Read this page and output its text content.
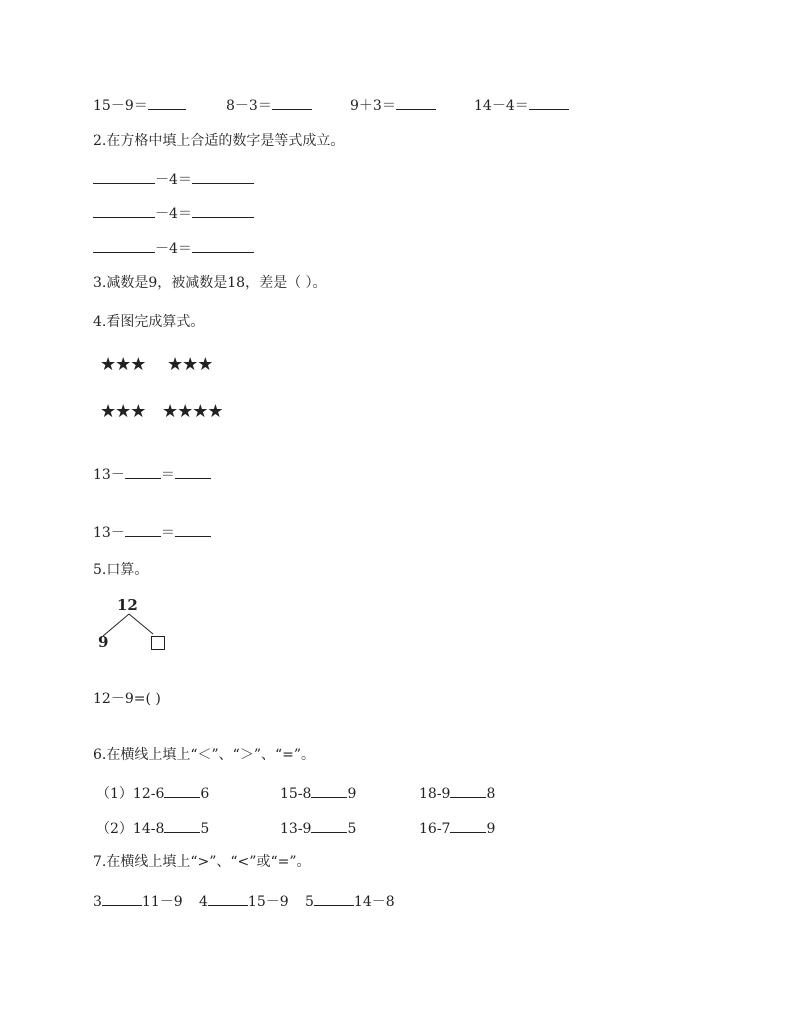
15－9＝	8－3＝	9＋3＝	14－4＝
2.在方格中填上合适的数字是等式成立。
－4＝
－4＝
－4＝
3.减数是9，被减数是18，差是（ ）。
4.看图完成算式。
★★★ ★★★
★★★ ★★★★
13－	＝
13－	＝
5.口算。
12
9
12－9=( )
6.在横线上填上“＜”、“＞”、“=”。
（1）12-6	6	15-8	9	18-9	8
（2）14-8	5	13-9	5	16-7	9
7.在横线上填上“>”、“<”或“=”。
3	11－9 4	15－9 5	14－8
